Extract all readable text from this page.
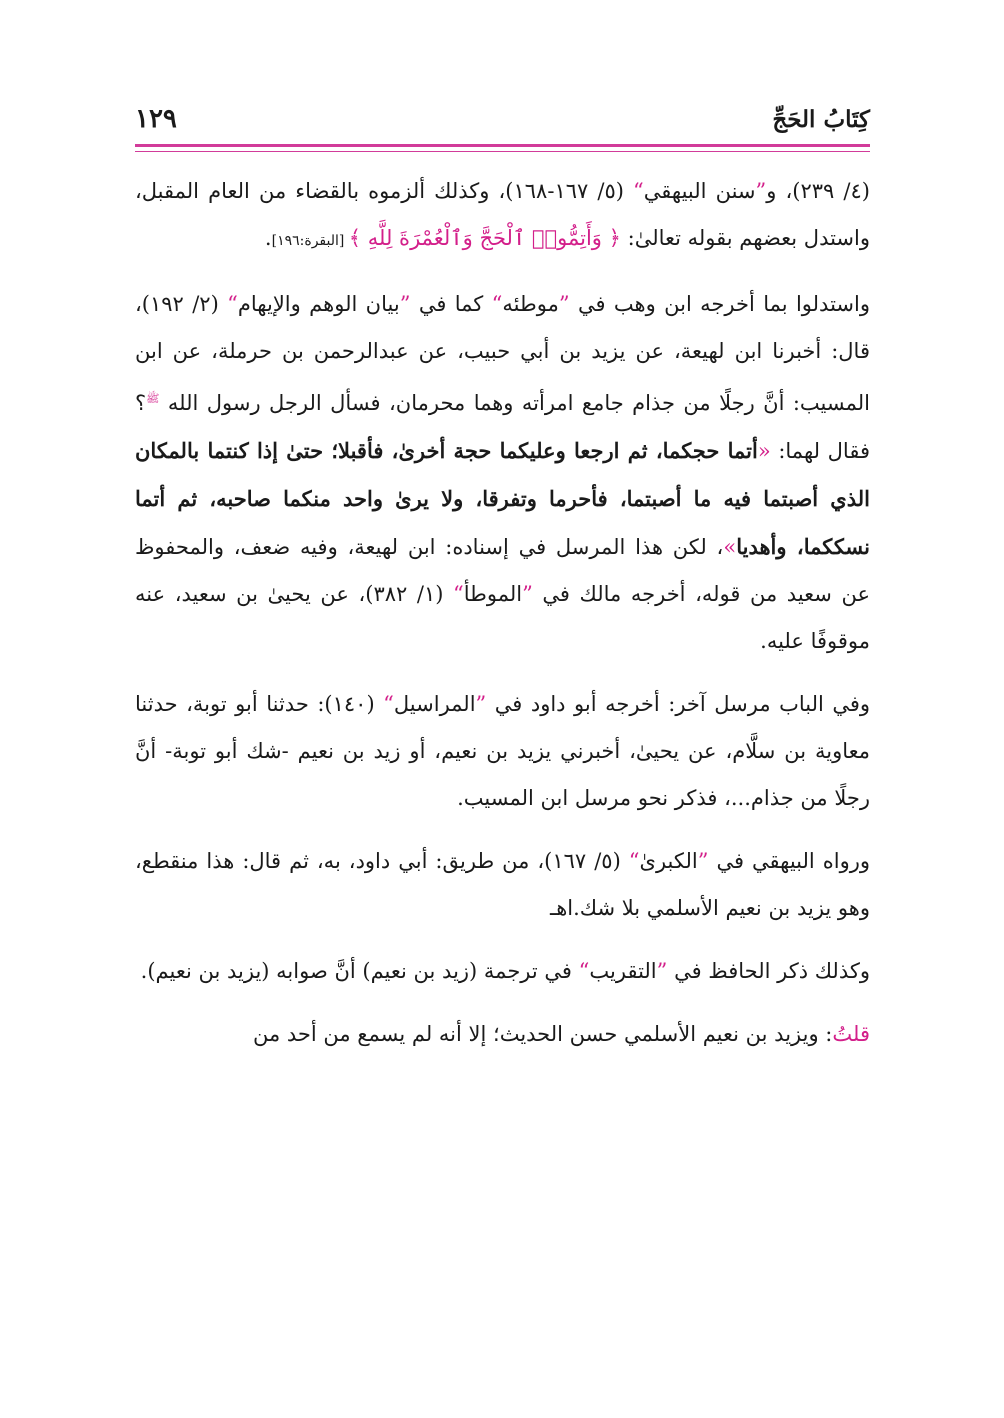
١٢٩	كِتَابُ الحَجِّ

(٤/ ٢٣٩)، و”سنن البيهقي“ (٥/ ١٦٧-١٦٨)، وكذلك ألزموه بالقضاء من العام المقبل، واستدل بعضهم بقوله تعالىٰ: ﴿ وَأَتِمُّوا۟ ٱلْحَجَّ وَٱلْعُمْرَةَ لِلَّهِ ﴾ [البقرة:١٩٦].

واستدلوا بما أخرجه ابن وهب في ”موطئه“ كما في ”بيان الوهم والإيهام“ (٢/ ١٩٢)، قال: أخبرنا ابن لهيعة، عن يزيد بن أبي حبيب، عن عبدالرحمن بن حرملة، عن ابن المسيب: أنَّ رجلًا من جذام جامع امرأته وهما محرمان، فسأل الرجل رسول الله $^ﷺ$؟ فقال لهما: «أتما حجكما، ثم ارجعا وعليكما حجة أخرىٰ، فأقبلا؛ حتىٰ إذا كنتما بالمكان الذي أصبتما فيه ما أصبتما، فأحرما وتفرقا، ولا يرىٰ واحد منكما صاحبه، ثم أتما نسككما، وأهديا»، لكن هذا المرسل في إسناده: ابن لهيعة، وفيه ضعف، والمحفوظ عن سعيد من قوله، أخرجه مالك في ”الموطأ“ (١/ ٣٨٢)، عن يحيىٰ بن سعيد، عنه موقوفًا عليه.

وفي الباب مرسل آخر: أخرجه أبو داود في ”المراسيل“ (١٤٠): حدثنا أبو توبة، حدثنا معاوية بن سلَّام، عن يحيىٰ، أخبرني يزيد بن نعيم، أو زيد بن نعيم -شك أبو توبة- أنَّ رجلًا من جذام...، فذكر نحو مرسل ابن المسيب.

ورواه البيهقي في ”الكبرىٰ“ (٥/ ١٦٧)، من طريق: أبي داود، به، ثم قال: هذا منقطع، وهو يزيد بن نعيم الأسلمي بلا شك.اهـ

وكذلك ذكر الحافظ في ”التقريب“ في ترجمة (زيد بن نعيم) أنَّ صوابه (يزيد بن نعيم).

قلتُ: ويزيد بن نعيم الأسلمي حسن الحديث؛ إلا أنه لم يسمع من أحد من
